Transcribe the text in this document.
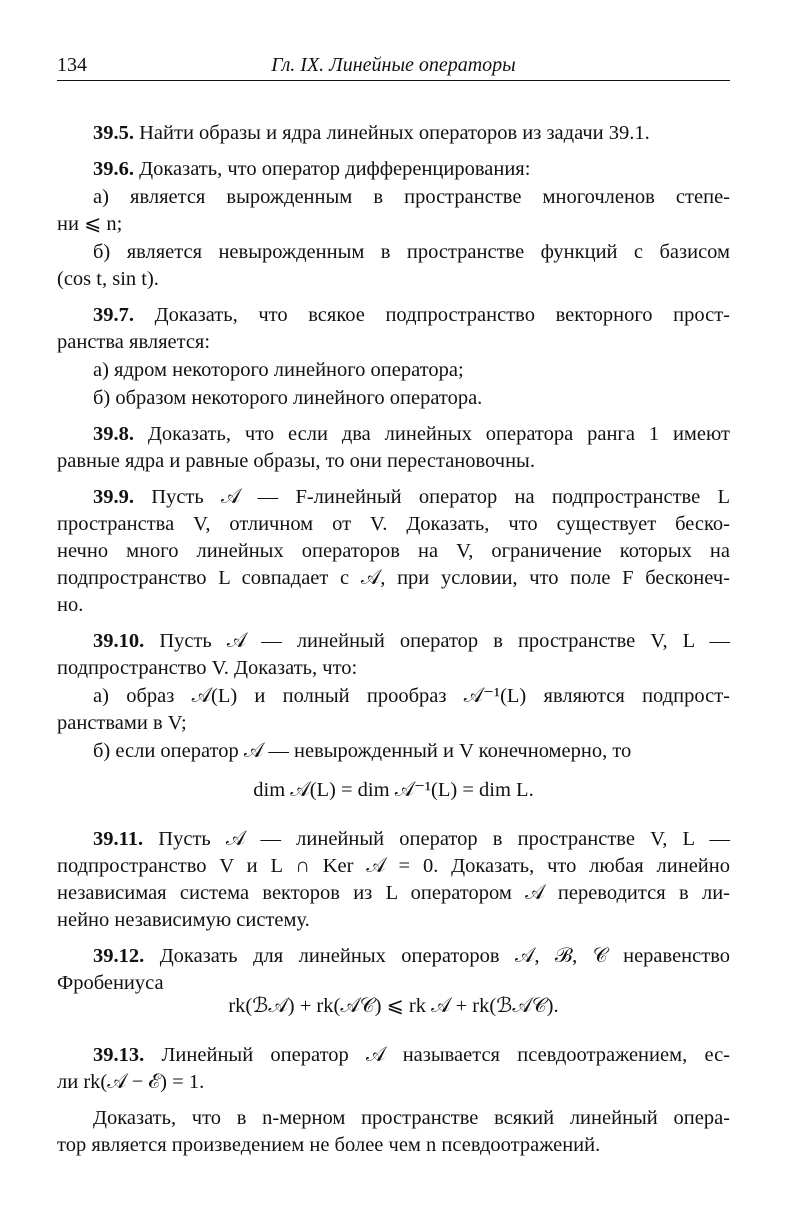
134	Гл. IX. Линейные операторы
39.5. Найти образы и ядра линейных операторов из задачи 39.1.
39.6. Доказать, что оператор дифференцирования:
а) является вырожденным в пространстве многочленов степе-
ни ⩽ n;
б) является невырожденным в пространстве функций с базисом
(cos t, sin t).
39.7. Доказать, что всякое подпространство векторного прост-
ранства является:
а) ядром некоторого линейного оператора;
б) образом некоторого линейного оператора.
39.8. Доказать, что если два линейных оператора ранга 1 имеют
равные ядра и равные образы, то они перестановочны.
39.9. Пусть 𝒜 — F-линейный оператор на подпространстве L
пространства V, отличном от V. Доказать, что существует беско-
нечно много линейных операторов на V, ограничение которых на
подпространство L совпадает с 𝒜, при условии, что поле F бесконеч-
но.
39.10. Пусть 𝒜 — линейный оператор в пространстве V, L —
подпространство V. Доказать, что:
а) образ 𝒜(L) и полный прообраз 𝒜⁻¹(L) являются подпрост-
ранствами в V;
б) если оператор 𝒜 — невырожденный и V конечномерно, то
dim 𝒜(L) = dim 𝒜⁻¹(L) = dim L.
39.11. Пусть 𝒜 — линейный оператор в пространстве V, L —
подпространство V и L ∩ Ker 𝒜 = 0. Доказать, что любая линейно
независимая система векторов из L оператором 𝒜 переводится в ли-
нейно независимую систему.
39.12. Доказать для линейных операторов 𝒜, ℬ, 𝒞 неравенство
Фробениуса
rk(ℬ𝒜) + rk(𝒜𝒞) ⩽ rk 𝒜 + rk(ℬ𝒜𝒞).
39.13. Линейный оператор 𝒜 называется псевдоотражением, ес-
ли rk(𝒜 − ℰ) = 1.
Доказать, что в n-мерном пространстве всякий линейный опера-
тор является произведением не более чем n псевдоотражений.
